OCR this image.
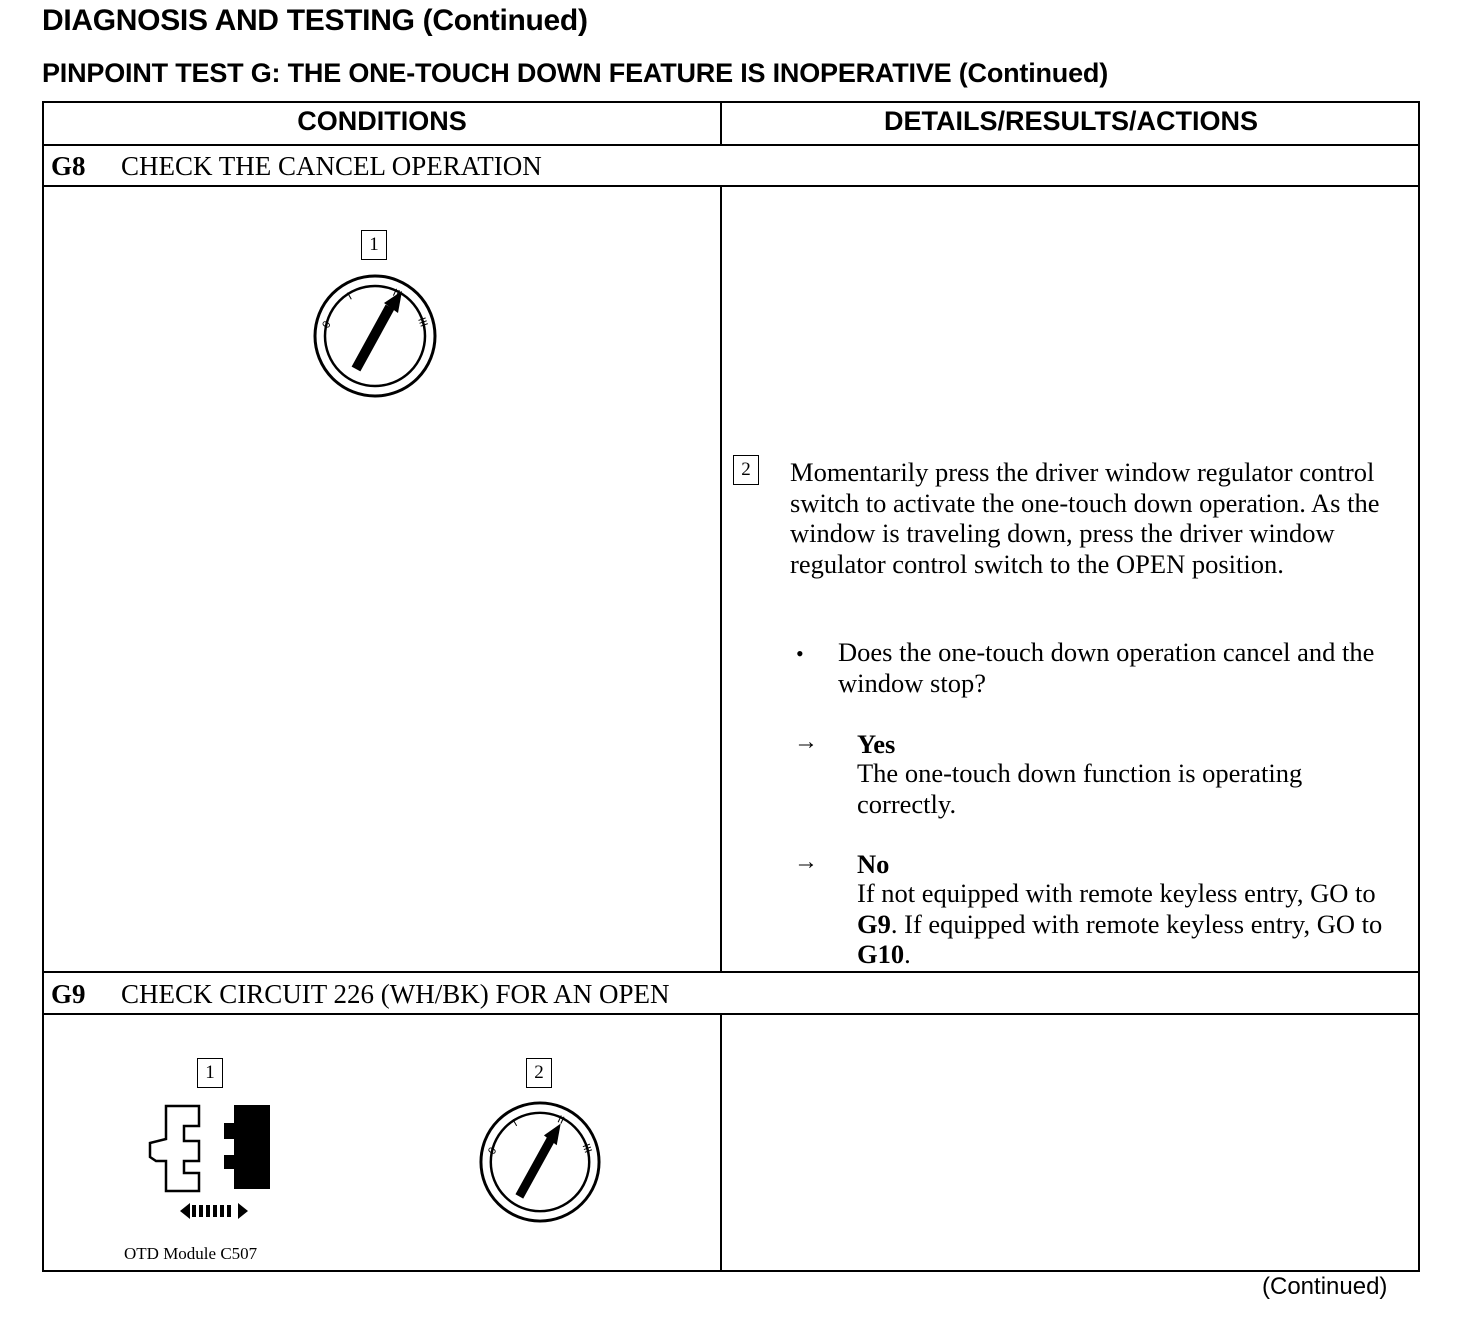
DIAGNOSIS AND TESTING (Continued)
PINPOINT TEST G: THE ONE-TOUCH DOWN FEATURE IS INOPERATIVE (Continued)
CONDITIONS	DETAILS/RESULTS/ACTIONS
G8 CHECK THE CANCEL OPERATION
1
0
I	II
III
2	Momentarily press the driver window regulator control switch to activate the one-touch down operation. As the window is traveling down, press the driver window regulator control switch to the OPEN position.
• Does the one-touch down operation cancel and the window stop?
→ Yes
The one-touch down function is operating correctly.
→ No
If not equipped with remote keyless entry, GO to G9. If equipped with remote keyless entry, GO to G10.
G9 CHECK CIRCUIT 226 (WH/BK) FOR AN OPEN
1
OTD Module C507
2
0
I	II
III
(Continued)
